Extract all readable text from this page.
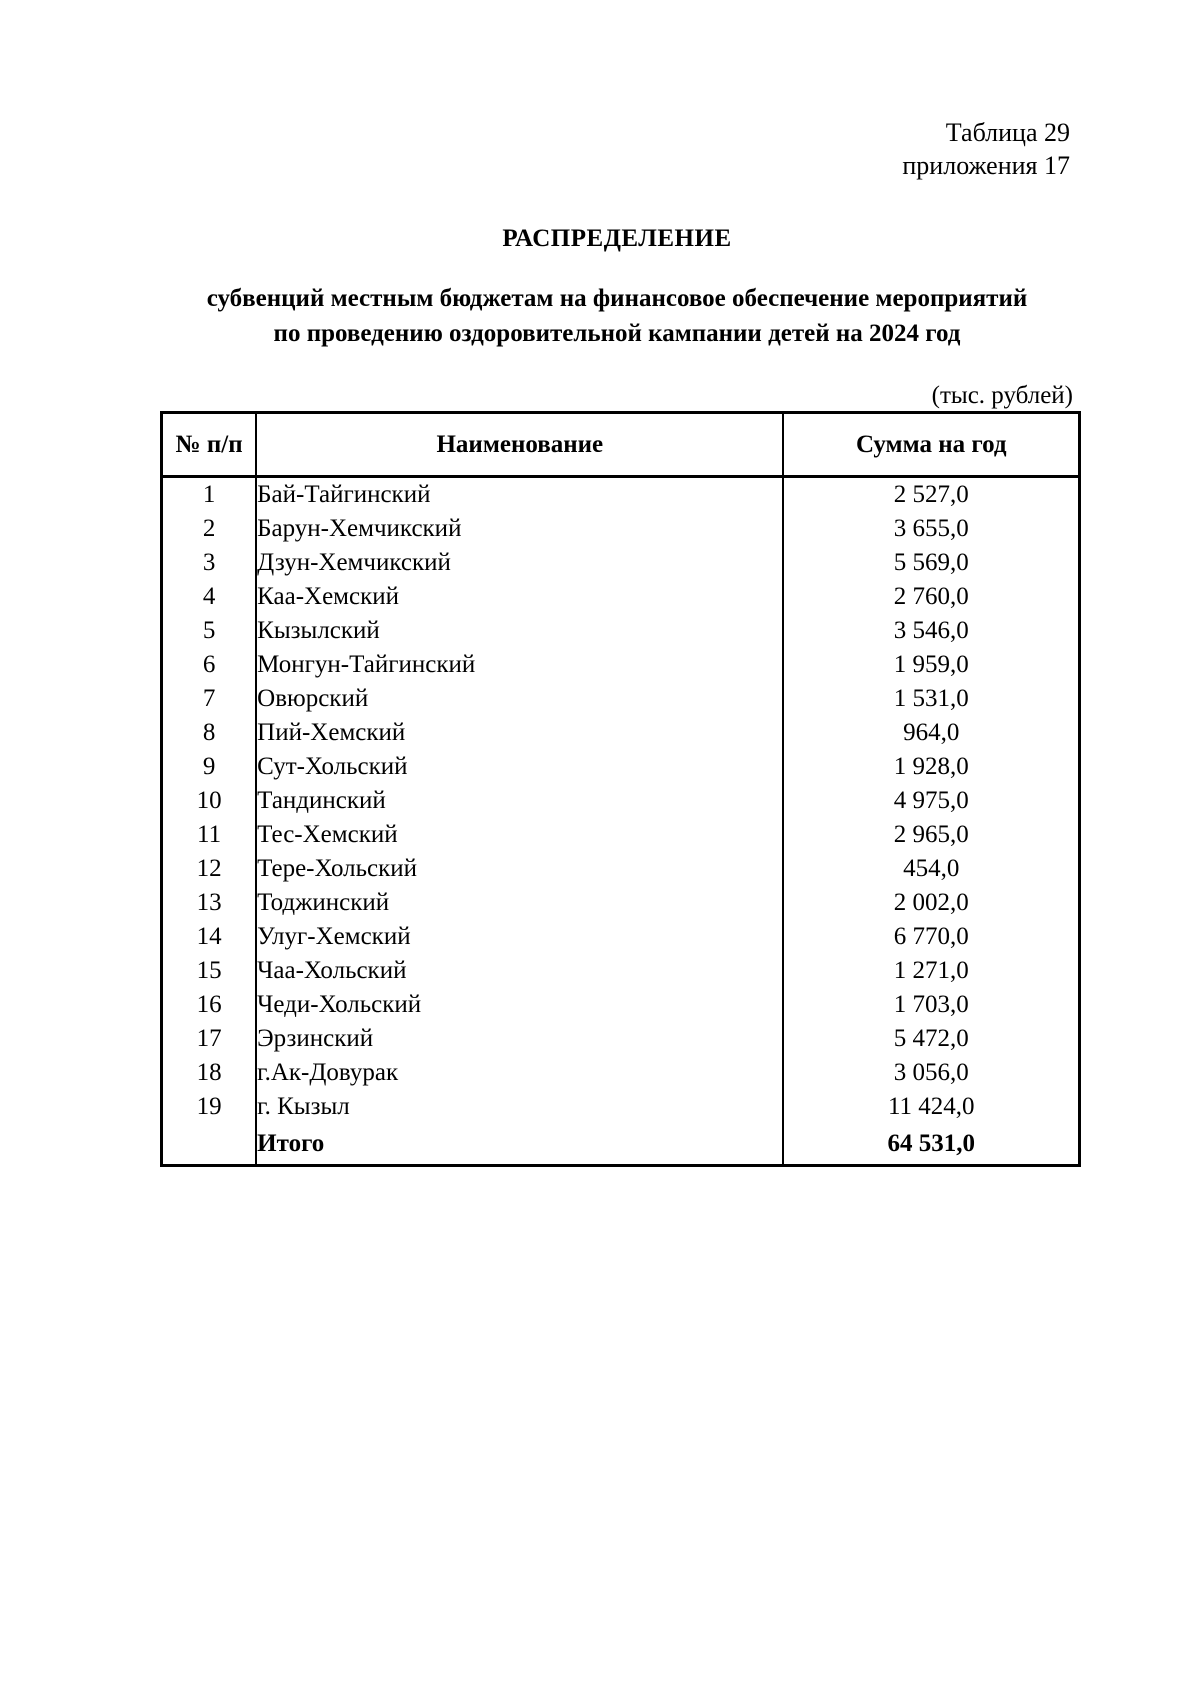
Таблица 29
приложения 17
РАСПРЕДЕЛЕНИЕ
субвенций местным бюджетам на финансовое обеспечение мероприятий
по проведению оздоровительной кампании детей на 2024 год
(тыс. рублей)
№ п/п	Наименование	Сумма на год
1	Бай-Тайгинский	2 527,0
2	Барун-Хемчикский	3 655,0
3	Дзун-Хемчикский	5 569,0
4	Каа-Хемский	2 760,0
5	Кызылский	3 546,0
6	Монгун-Тайгинский	1 959,0
7	Овюрский	1 531,0
8	Пий-Хемский	964,0
9	Сут-Хольский	1 928,0
10	Тандинский	4 975,0
11	Тес-Хемский	2 965,0
12	Тере-Хольский	454,0
13	Тоджинский	2 002,0
14	Улуг-Хемский	6 770,0
15	Чаа-Хольский	1 271,0
16	Чеди-Хольский	1 703,0
17	Эрзинский	5 472,0
18	г.Ак-Довурак	3 056,0
19	г. Кызыл	11 424,0
	Итого	64 531,0
